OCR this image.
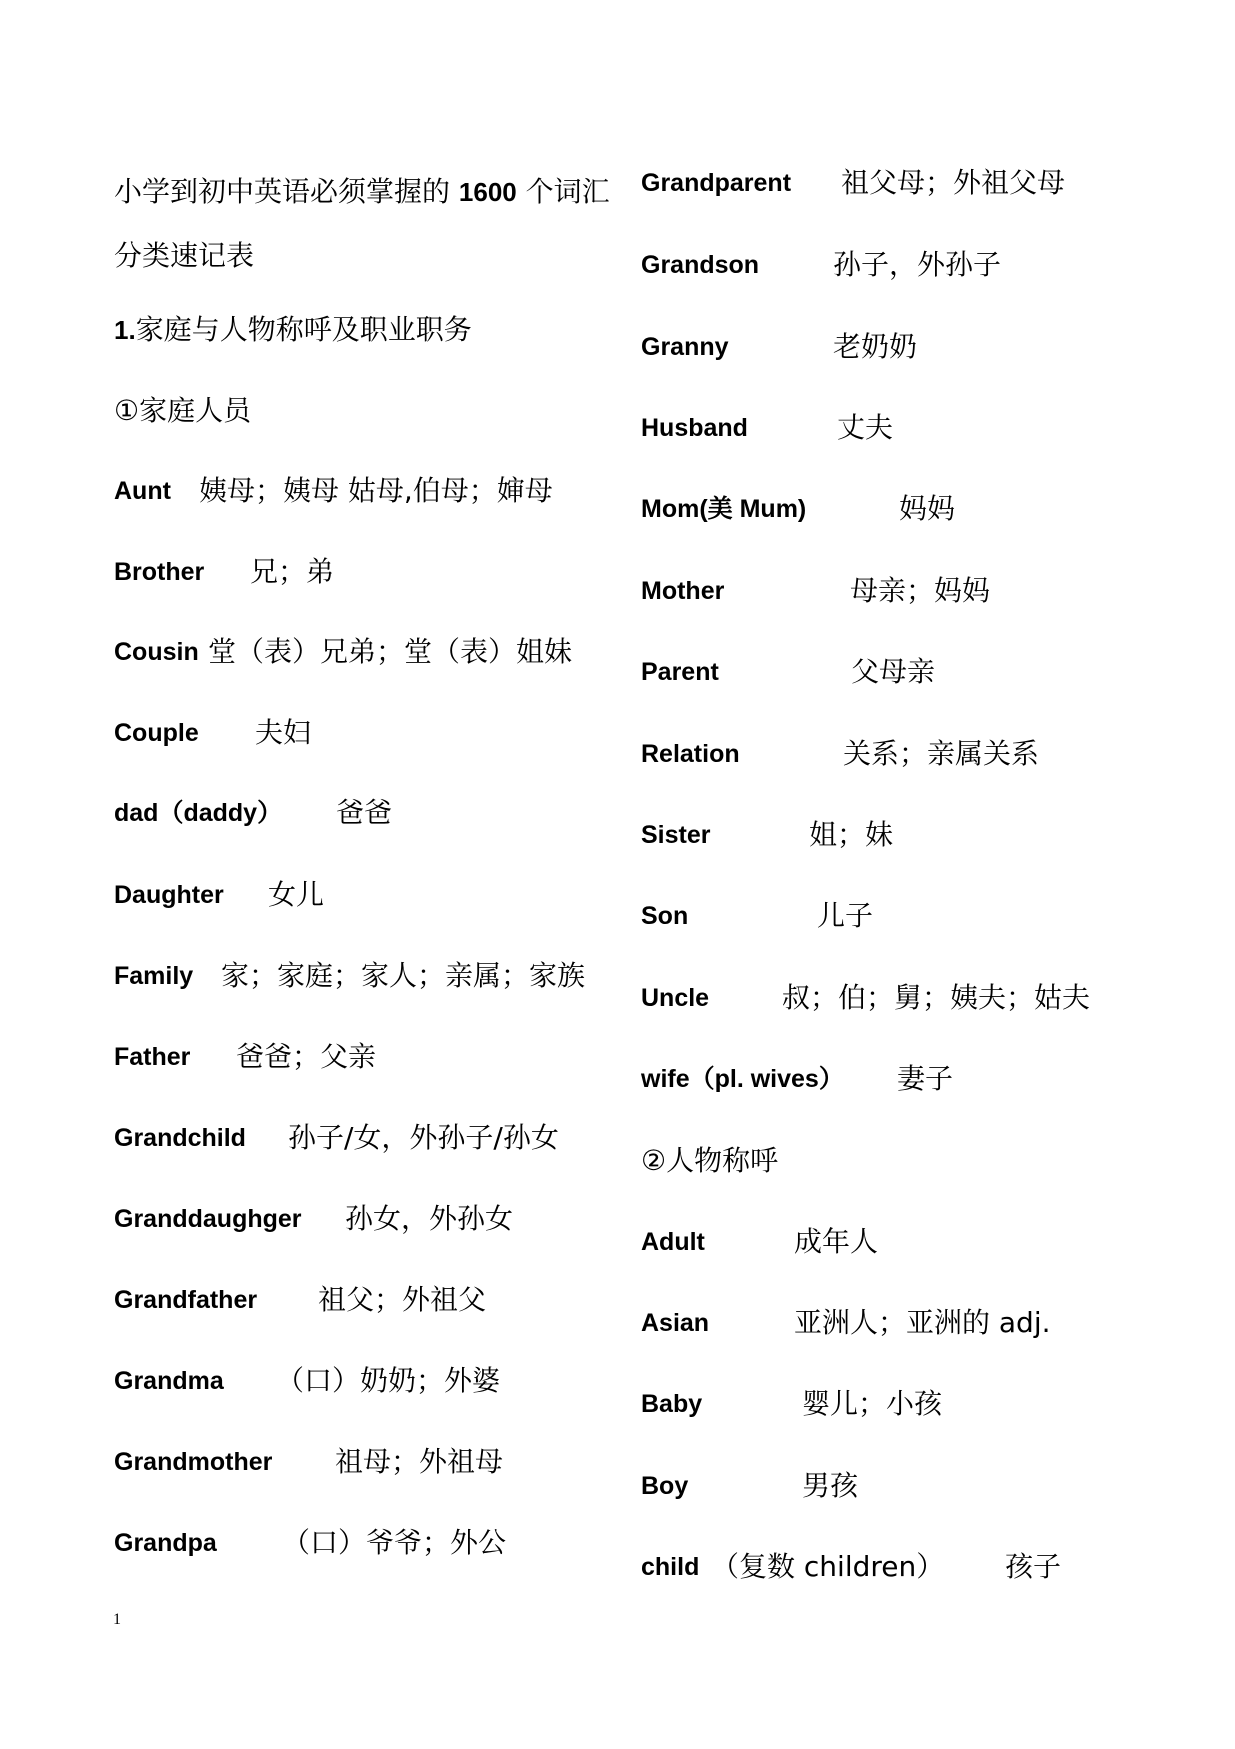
小学到初中英语必须掌握的 1600 个词汇分类速记表
1.家庭与人物称呼及职业职务
①家庭人员
Aunt 姨母；姨母 姑母,伯母；婶母
Brother 兄；弟
Cousin 堂（表）兄弟；堂（表）姐妹
Couple 夫妇
dad（daddy） 爸爸
Daughter 女儿
Family 家；家庭；家人；亲属；家族
Father 爸爸；父亲
Grandchild 孙子/女，外孙子/孙女
Granddaughger 孙女，外孙女
Grandfather 祖父；外祖父
Grandma （口）奶奶；外婆
Grandmother 祖母；外祖母
Grandpa （口）爷爷；外公
Grandparent 祖父母；外祖父母
Grandson	孙子，外孙子
Granny	老奶奶
Husband	丈夫
Mom(美 Mum)	妈妈
Mother	母亲；妈妈
Parent	父母亲
Relation	关系；亲属关系
Sister	姐；妹
Son	儿子
Uncle	叔；伯；舅；姨夫；姑夫
wife（pl. wives） 妻子
②人物称呼
Adult	成年人
Asian	亚洲人；亚洲的 adj.
Baby	婴儿；小孩
Boy	男孩
child （复数 children） 孩子
1
